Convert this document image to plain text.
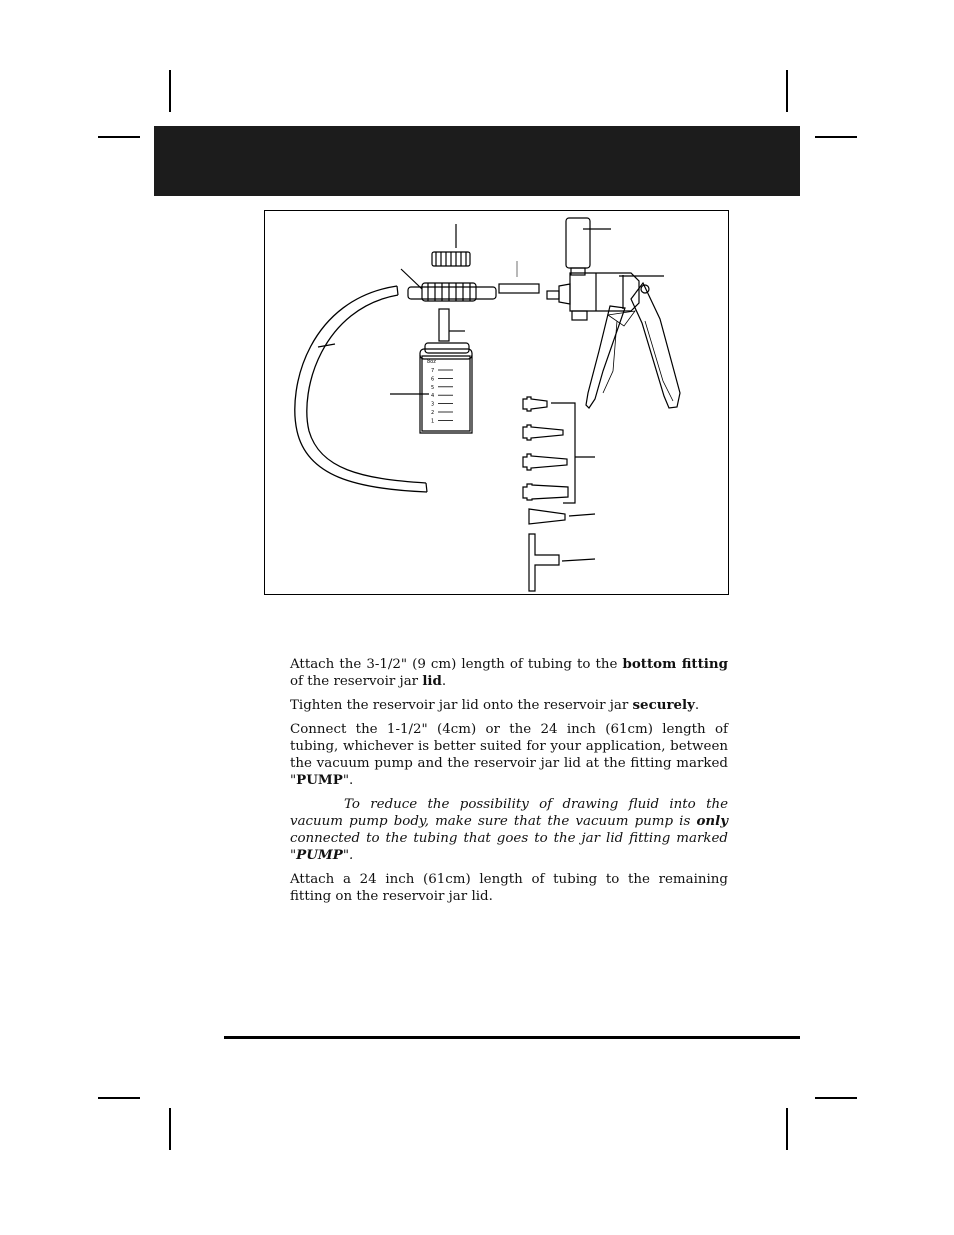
8oz
7
6
5
4
3
2
1

Attach the 3-1/2" (9 cm) length of tubing to the bottom fitting of the reservoir jar lid.

Tighten the reservoir jar lid onto the reservoir jar securely.

Connect the 1-1/2" (4cm) or the 24 inch (61cm) length of tubing, whichever is better suited for your application, between the vacuum pump and the reservoir jar lid at the fitting marked "PUMP".

To reduce the possibility of drawing fluid into the vacuum pump body, make sure that the vacuum pump is only connected to the tubing that goes to the jar lid fitting marked "PUMP".

Attach a 24 inch (61cm) length of tubing to the remaining fitting on the reservoir jar lid.
